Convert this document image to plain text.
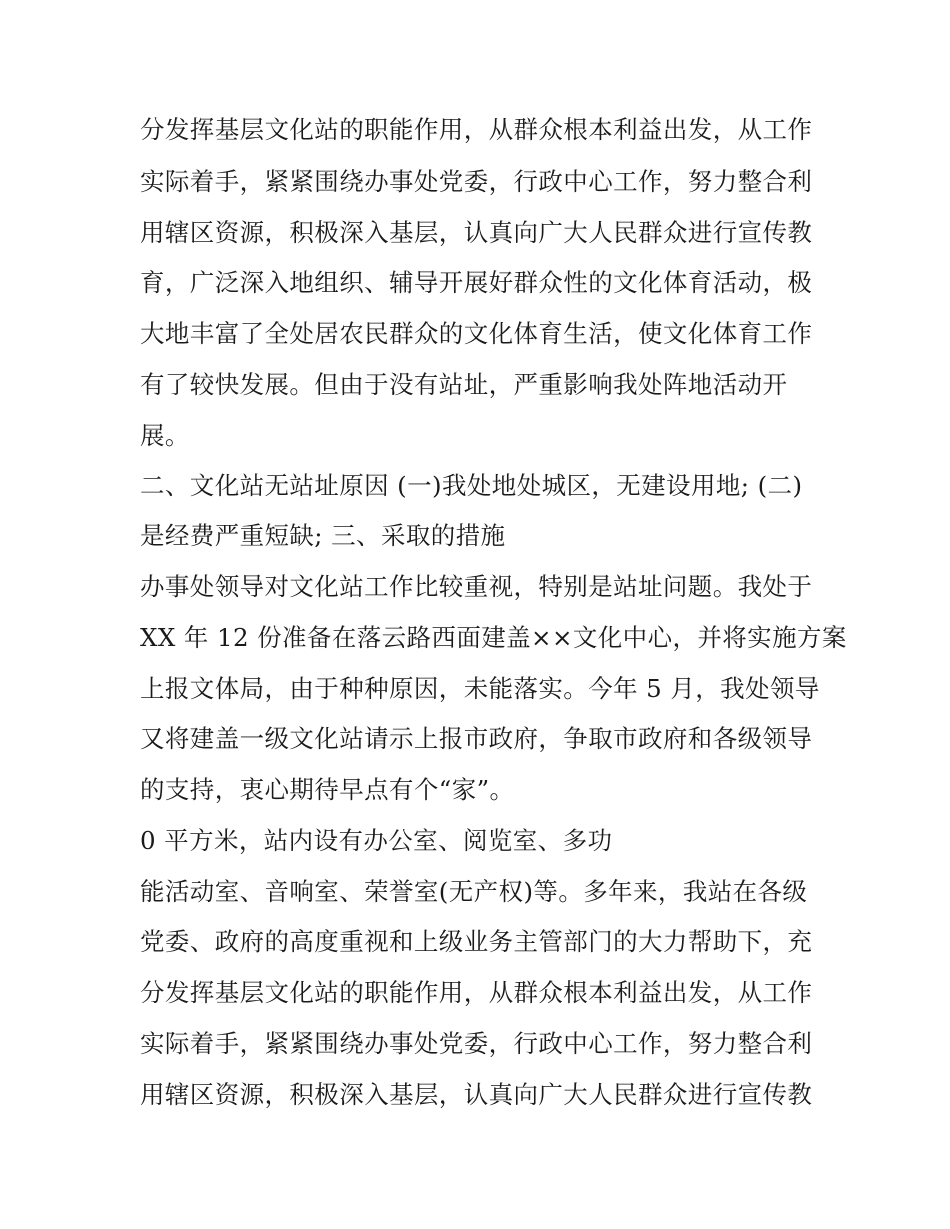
分发挥基层文化站的职能作用，从群众根本利益出发，从工作
实际着手，紧紧围绕办事处党委，行政中心工作，努力整合利
用辖区资源，积极深入基层，认真向广大人民群众进行宣传教
育，广泛深入地组织、辅导开展好群众性的文化体育活动，极
大地丰富了全处居农民群众的文化体育生活，使文化体育工作
有了较快发展。但由于没有站址，严重影响我处阵地活动开
展。
二、文化站无站址原因 (一)我处地处城区，无建设用地; (二)
是经费严重短缺; 三、采取的措施
办事处领导对文化站工作比较重视，特别是站址问题。我处于
XX 年 12 份准备在落云路西面建盖××文化中心，并将实施方案
上报文体局，由于种种原因，未能落实。今年 5 月，我处领导
又将建盖一级文化站请示上报市政府，争取市政府和各级领导
的支持，衷心期待早点有个“家”。
0 平方米，站内设有办公室、阅览室、多功
能活动室、音响室、荣誉室(无产权)等。多年来，我站在各级
党委、政府的高度重视和上级业务主管部门的大力帮助下，充
分发挥基层文化站的职能作用，从群众根本利益出发，从工作
实际着手，紧紧围绕办事处党委，行政中心工作，努力整合利
用辖区资源，积极深入基层，认真向广大人民群众进行宣传教
